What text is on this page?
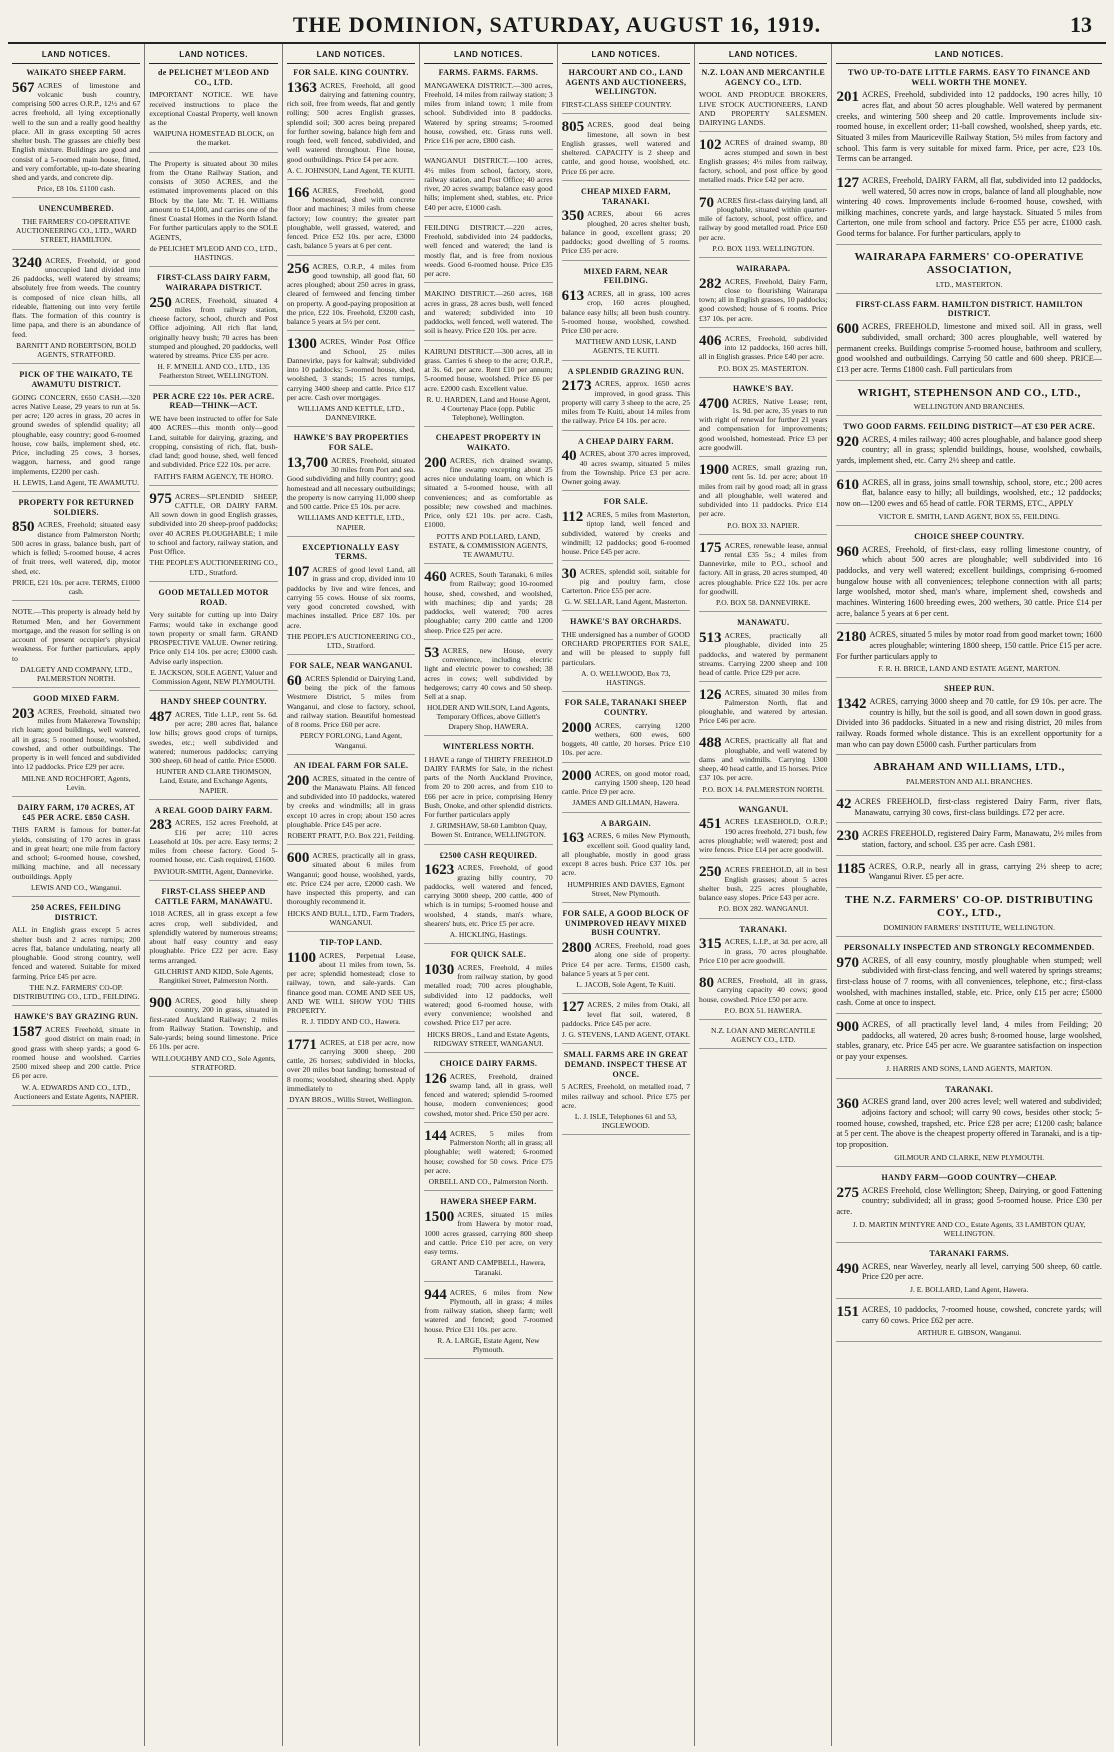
THE DOMINION, SATURDAY, AUGUST 16, 1919.	13
LAND NOTICES.
WAIKATO SHEEP FARM.

567 ACRES of limestone and volcanic bush country, comprising 500 acres O.R.P., 12½ and 67 acres freehold, all lying exceptionally well to the sun and a really good healthy place. All in grass excepting 50 acres shelter bush. The grasses are chiefly best English mixture. Buildings are good and consist of a 5-roomed main house, fitted, and very comfortable, up-to-date shearing shed and yards, and concrete dip.

Price, £8 10s. £1100 cash.
UNENCUMBERED.
THE FARMERS' CO-OPERATIVE AUCTIONEERING CO., LTD., WARD STREET, HAMILTON.

3240 ACRES, Freehold, or good unoccupied land divided into 26 paddocks, well watered by streams; absolutely free from weeds. The country is composed of nice clean hills, all rideable, flattening out into very fertile flats. The formation of this country is lime papa, and there is an abundance of feed.

BARNITT AND ROBERTSON, BOLD AGENTS, STRATFORD.
PICK OF THE WAIKATO, TE AWAMUTU DISTRICT.

GOING CONCERN, £650 CASH.—320 acres Native Lease, 29 years to run at 5s. per acre; 120 acres in grass, 20 acres in ground swedes of splendid quality; all ploughable, easy country; good 6-roomed house, cow bails, implement shed, etc. Price, including 25 cows, 3 horses, waggon, harness, and good range implements, £2200 per cash.

H. LEWIS, Land Agent, TE AWAMUTU.
PROPERTY FOR RETURNED SOLDIERS.

850 ACRES, Freehold; situated easy distance from Palmerston North; 500 acres in grass, balance bush, part of which is felled; 5-roomed house, 4 acres of fruit trees, well watered, dip, motor shed, etc.

PRICE, £21 10s. per acre. TERMS, £1000 cash.

NOTE.—This property is already held by Returned Men, and her Government mortgage, and the reason for selling is on account of present occupier's physical weakness. For further particulars, apply to

DALGETY AND COMPANY, LTD., PALMERSTON NORTH.
GOOD MIXED FARM.

203 ACRES, Freehold, situated two miles from Makerewa Township; rich loam; good buildings, well watered, all in grass; 5 roomed house, woolshed, cowshed, and other outbuildings. The property is in well fenced and subdivided into 12 paddocks. Price £29 per acre.

MILNE AND ROCHFORT, Agents, Levin.
DAIRY FARM, 170 ACRES, AT £45 PER ACRE. £850 CASH.

THIS FARM is famous for butter-fat yields, consisting of 170 acres in grass and in great heart; one mile from factory and school; 6-roomed house, cowshed, milking machine, and all necessary outbuildings. Apply

LEWIS AND CO., Wanganui.
250 ACRES, FEILDING DISTRICT.

ALL in English grass except 5 acres shelter bush and 2 acres turnips; 200 acres flat, balance undulating, nearly all ploughable. Good strong country, well fenced and watered. Suitable for mixed farming. Price £45 per acre.

THE N.Z. FARMERS' CO-OP. DISTRIBUTING CO., LTD., FEILDING.
HAWKE'S BAY GRAZING RUN.

1587 ACRES Freehold, situate in good district on main road; in good grass with sheep yards; a good 6-roomed house and woolshed. Carries 2500 mixed sheep and 200 cattle. Price £6 per acre.

W. A. EDWARDS AND CO., LTD., Auctioneers and Estate Agents, NAPIER.
LAND NOTICES.
de PELICHET M'LEOD AND CO., LTD.

IMPORTANT NOTICE. WE have received instructions to place the exceptional Coastal Property, well known as the

WAIPUNA HOMESTEAD BLOCK, on the market.

The Property is situated about 30 miles from the Otane Railway Station, and consists of 3050 ACRES, and the estimated improvements placed on this Block by the late Mr. T. H. Williams amount to £14,000, and carries one of the finest Coastal Homes in the North Island. For further particulars apply to the SOLE AGENTS,

de PELICHET M'LEOD AND CO., LTD., HASTINGS.
FIRST-CLASS DAIRY FARM, WAIRARAPA DISTRICT.

250 ACRES, Freehold, situated 4 miles from railway station, cheese factory, school, church and Post Office adjoining. All rich flat land, originally heavy bush; 70 acres has been stumped and ploughed, 20 paddocks, well watered by streams. Price £35 per acre.

H. F. M'NEILL AND CO., LTD., 135 Featherston Street, WELLINGTON.
PER ACRE £22 10s. PER ACRE. READ—THINK—ACT.

WE have been instructed to offer for Sale 400 ACRES—this month only—good Land, suitable for dairying, grazing, and cropping, consisting of rich, flat, bush-clad land; good house, shed, well fenced and subdivided. Price £22 10s. per acre.

FAITH'S FARM AGENCY, TE HORO.

975 ACRES—SPLENDID SHEEP, CATTLE, OR DAIRY FARM. All sown down in good English grasses, subdivided into 20 sheep-proof paddocks; over 40 ACRES PLOUGHABLE; 1 mile to school and factory, railway station, and Post Office.

THE PEOPLE'S AUCTIONEERING CO., LTD., Stratford.
GOOD METALLED MOTOR ROAD.

Very suitable for cutting up into Dairy Farms; would take in exchange good town property or small farm. GRAND PROSPECTIVE VALUE. Owner retiring. Price only £14 10s. per acre; £3000 cash. Advise early inspection.

E. JACKSON, SOLE AGENT, Valuer and Commission Agent, NEW PLYMOUTH.
HANDY SHEEP COUNTRY.

487 ACRES, Title L.I.P., rent 5s. 6d. per acre; 280 acres flat, balance low hills; grows good crops of turnips, swedes, etc.; well subdivided and watered; numerous paddocks; carrying 300 sheep, 60 head of cattle. Price £5000.

HUNTER AND CLARE THOMSON, Land, Estate, and Exchange Agents, NAPIER.
A REAL GOOD DAIRY FARM.

283 ACRES, 152 acres Freehold, at £16 per acre; 110 acres Leasehold at 10s. per acre. Easy terms; 2 miles from cheese factory. Good 5-roomed house, etc. Cash required, £1600.

PAVIOUR-SMITH, Agent, Dannevirke.
FIRST-CLASS SHEEP AND CATTLE FARM, MANAWATU.

1018 ACRES, all in grass except a few acres crop, well subdivided, and splendidly watered by numerous streams; about half easy country and easy ploughable. Price £22 per acre. Easy terms arranged.

GILCHRIST AND KIDD, Sole Agents, Rangitikei Street, Palmerston North.

900 ACRES, good hilly sheep country, 200 in grass, situated in first-rated Auckland Railway; 2 miles from Railway Station. Township, and Sale-yards; being sound limestone. Price £6 10s. per acre.

WILLOUGHBY AND CO., Sole Agents, STRATFORD.
LAND NOTICES.
FOR SALE. KING COUNTRY.

1363 ACRES, Freehold, all good dairying and fattening country, rich soil, free from weeds, flat and gently rolling; 500 acres English grasses, splendid soil; 300 acres being prepared for further sowing, balance high fern and rough feed, well fenced, subdivided, and well watered throughout. Fine house, good outbuildings. Price £4 per acre.

A. C. JOHNSON, Land Agent, TE KUITI.

166 ACRES, Freehold, good homestead, shed with concrete floor and machines; 3 miles from cheese factory; low country; the greater part ploughable, well grassed, watered, and fenced. Price £52 10s. per acre, £3000 cash, balance 5 years at 6 per cent.

256 ACRES, O.R.P., 4 miles from good township, all good flat, 60 acres ploughed; about 250 acres in grass, cleared of fernweed and fencing timber on property. A good-paying proposition at the price, £22 10s. Freehold, £3200 cash, balance 5 years at 5½ per cent.

1300 ACRES, Winder Post Office and School, 25 miles Dannevirke, pays for kaltwal; subdivided into 10 paddocks; 5-roomed house, shed, woolshed, 3 stands; 15 acres turnips, carrying 3400 sheep and cattle. Price £17 per acre. Cash over mortgages.

WILLIAMS AND KETTLE, LTD., DANNEVIRKE.
HAWKE'S BAY PROPERTIES FOR SALE.

13,700 ACRES, Freehold, situated 30 miles from Port and sea. Good subdividing and hilly country; good homestead and all necessary outbuildings; the property is now carrying 11,000 sheep and 500 cattle. Price £5 10s. per acre.

WILLIAMS AND KETTLE, LTD., NAPIER.
EXCEPTIONALLY EASY TERMS.

107 ACRES of good level Land, all in grass and crop, divided into 10 paddocks by live and wire fences, and carrying 55 cows. House of six rooms, very good concreted cowshed, with machines installed. Price £87 10s. per acre.

THE PEOPLE'S AUCTIONEERING CO., LTD., Stratford.
FOR SALE, NEAR WANGANUI.

60 ACRES Splendid or Dairying Land, being the pick of the famous Westmere District, 5 miles from Wanganui, and close to factory, school, and railway station. Beautiful homestead of 8 rooms. Price £60 per acre.

PERCY FORLONG, Land Agent, Wanganui.
AN IDEAL FARM FOR SALE.

200 ACRES, situated in the centre of the Manawatu Plains. All fenced and subdivided into 10 paddocks, watered by creeks and windmills; all in grass except 10 acres in crop; about 150 acres ploughable. Price £45 per acre.

ROBERT PRATT, P.O. Box 221, Feilding.

600 ACRES, practically all in grass, situated about 6 miles from Wanganui; good house, woolshed, yards, etc. Price £24 per acre, £2000 cash. We have inspected this property, and can thoroughly recommend it.

HICKS AND BULL, LTD., Farm Traders, WANGANUI.
TIP-TOP LAND.

1100 ACRES, Perpetual Lease, about 11 miles from town, 5s. per acre; splendid homestead; close to railway, town, and sale-yards. Can finance good man. COME AND SEE US, AND WE WILL SHOW YOU THIS PROPERTY.

R. J. TIDDY AND CO., Hawera.

1771 ACRES, at £18 per acre, now carrying 3000 sheep, 200 cattle, 26 horses; subdivided in blocks, over 20 miles boat landing; homestead of 8 rooms; woolshed, shearing shed. Apply immediately to

DYAN BROS., Willis Street, Wellington.
LAND NOTICES.
FARMS. FARMS. FARMS.

MANGAWEKA DISTRICT.—300 acres, Freehold, 14 miles from railway station; 3 miles from inland town; 1 mile from school. Subdivided into 8 paddocks. Watered by spring streams; 5-roomed house, cowshed, etc. Grass runs well. Price £16 per acre, £800 cash.

WANGANUI DISTRICT.—100 acres, 4½ miles from school, factory, store, railway station, and Post Office; 40 acres river, 20 acres swamp; balance easy good hills; implement shed, stables, etc. Price £40 per acre, £1000 cash.

FEILDING DISTRICT.—220 acres, Freehold, subdivided into 24 paddocks, well fenced and watered; the land is mostly flat, and is free from noxious weeds. Good 6-roomed house. Price £35 per acre.

MAKINO DISTRICT.—260 acres, 168 acres in grass, 28 acres bush, well fenced and watered; subdivided into 10 paddocks, well fenced, well watered. The soil is heavy. Price £20 10s. per acre.

KAIRUNI DISTRICT.—300 acres, all in grass. Carries 6 sheep to the acre; O.R.P., at 3s. 6d. per acre. Rent £10 per annum; 5-roomed house, woolshed. Price £6 per acre. £2000 cash. Excellent value.

R. U. HARDEN, Land and House Agent, 4 Courtenay Place (opp. Public Telephone), Wellington.
CHEAPEST PROPERTY IN WAIKATO.

200 ACRES, rich drained swamp, fine swamp excepting about 25 acres nice undulating loam, on which is situated a 5-roomed house, with all conveniences; and as comfortable as possible; new cowshed and machines. Price, only £21 10s. per acre. Cash, £1000.

POTTS AND POLLARD, LAND, ESTATE, & COMMISSION AGENTS, TE AWAMUTU.

460 ACRES, South Taranaki, 6 miles from Railway; good 10-roomed house, shed, cowshed, and woolshed, with machines; dip and yards; 28 paddocks, well watered; 700 acres ploughable; carry 200 cattle and 1200 sheep. Price £25 per acre.

53 ACRES, new House, every convenience, including electric light and electric power to cowshed; 38 acres in cows; well subdivided by hedgerows; carry 40 cows and 50 sheep. Sell at a snap.

HOLDER AND WILSON, Land Agents, Temporary Offices, above Gillett's Drapery Shop, HAWERA.
WINTERLESS NORTH.

I HAVE a range of THIRTY FREEHOLD DAIRY FARMS for Sale, in the richest parts of the North Auckland Province, from 20 to 200 acres, and from £10 to £66 per acre in price, comprising Henry Bush, Onoke, and other splendid districts. For further particulars apply

J. GRIMSHAW, 58-60 Lambton Quay, Bowen St. Entrance, WELLINGTON.
£2500 CASH REQUIRED.

1623 ACRES, Freehold, of good grazing hilly country, 70 paddocks, well watered and fenced, carrying 3000 sheep, 200 cattle, 400 of which is in turnips; 5-roomed house and woolshed, 4 stands, man's whare, shearers' huts, etc. Price £5 per acre.

A. HICKLING, Hastings.
FOR QUICK SALE.

1030 ACRES, Freehold, 4 miles from railway station, by good metalled road; 700 acres ploughable, subdivided into 12 paddocks, well watered; good 6-roomed house, with every convenience; woolshed and cowshed. Price £17 per acre.

HICKS BROS., Land and Estate Agents, RIDGWAY STREET, WANGANUI.
CHOICE DAIRY FARMS.

126 ACRES, Freehold, drained swamp land, all in grass, well fenced and watered; splendid 5-roomed house, modern conveniences; good cowshed, motor shed. Price £50 per acre.

144 ACRES, 5 miles from Palmerston North; all in grass; all ploughable; well watered; 6-roomed house; cowshed for 50 cows. Price £75 per acre.

ORBELL AND CO., Palmerston North.
HAWERA SHEEP FARM.

1500 ACRES, situated 15 miles from Hawera by motor road, 1000 acres grassed, carrying 800 sheep and cattle. Price £10 per acre, on very easy terms.

GRANT AND CAMPBELL, Hawera, Taranaki.

944 ACRES, 6 miles from New Plymouth, all in grass; 4 miles from railway station, sheep farm; well watered and fenced; good 7-roomed house. Price £31 10s. per acre.

R. A. LARGE, Estate Agent, New Plymouth.
LAND NOTICES.
HARCOURT AND CO., LAND AGENTS AND AUCTIONEERS, WELLINGTON.

FIRST-CLASS SHEEP COUNTRY.

805 ACRES, good deal being limestone, all sown in best English grasses, well watered and sheltered. CAPACITY is 2 sheep and cattle, and good house, woolshed, etc. Price £6 per acre.

CHEAP MIXED FARM, TARANAKI.

350 ACRES, about 66 acres ploughed, 20 acres shelter bush, balance in good, excellent grass; 20 paddocks; good dwelling of 5 rooms. Price £35 per acre.

MIXED FARM, NEAR FEILDING.

613 ACRES, all in grass, 100 acres crop, 160 acres ploughed, balance easy hills; all been bush country. 5-roomed house, woolshed, cowshed. Price £30 per acre.

MATTHEW AND LUSK, LAND AGENTS, TE KUITI.
A SPLENDID GRAZING RUN.

2173 ACRES, approx. 1650 acres improved, in good grass. This property will carry 3 sheep to the acre, 25 miles from Te Kuiti, about 14 miles from the railway. Price £4 10s. per acre.

A CHEAP DAIRY FARM.

40 ACRES, about 370 acres improved, 40 acres swamp, situated 5 miles from the Township. Price £3 per acre. Owner going away.

FOR SALE.

112 ACRES, 5 miles from Masterton, tiptop land, well fenced and subdivided, watered by creeks and windmill; 12 paddocks; good 6-roomed house. Price £45 per acre.

30 ACRES, splendid soil, suitable for pig and poultry farm, close Carterton. Price £55 per acre.

G. W. SELLAR, Land Agent, Masterton.
HAWKE'S BAY ORCHARDS.

THE undersigned has a number of GOOD ORCHARD PROPERTIES FOR SALE, and will be pleased to supply full particulars.

A. O. WELLWOOD, Box 73, HASTINGS.
FOR SALE, TARANAKI SHEEP COUNTRY.

2000 ACRES, carrying 1200 wethers, 600 ewes, 600 hoggets, 40 cattle, 20 horses. Price £10 10s. per acre.

2000 ACRES, on good motor road, carrying 1500 sheep, 120 head cattle. Price £9 per acre.

JAMES AND GILLMAN, Hawera.
A BARGAIN.

163 ACRES, 6 miles New Plymouth, excellent soil. Good quality land, all ploughable, mostly in good grass except 8 acres bush. Price £37 10s. per acre.

HUMPHRIES AND DAVIES, Egmont Street, New Plymouth.
FOR SALE, A GOOD BLOCK OF UNIMPROVED HEAVY MIXED BUSH COUNTRY.

2800 ACRES, Freehold, road goes along one side of property. Price £4 per acre. Terms, £1500 cash, balance 5 years at 5 per cent.

L. JACOB, Sole Agent, Te Kuiti.

127 ACRES, 2 miles from Otaki, all level flat soil, watered, 8 paddocks. Price £45 per acre.

J. G. STEVENS, LAND AGENT, OTAKI.
SMALL FARMS ARE IN GREAT DEMAND. INSPECT THESE AT ONCE.

5 ACRES, Freehold, on metalled road, 7 miles railway and school. Price £75 per acre.

L. J. ISLE, Telephones 61 and 53, INGLEWOOD.
LAND NOTICES.
N.Z. LOAN AND MERCANTILE AGENCY CO., LTD.

WOOL AND PRODUCE BROKERS, LIVE STOCK AUCTIONEERS, LAND AND PROPERTY SALESMEN. DAIRYING LANDS.

102 ACRES of drained swamp, 80 acres stumped and sown in best English grasses; 4½ miles from railway, factory, school, and post office by good metalled roads. Price £42 per acre.

70 ACRES first-class dairying land, all ploughable, situated within quarter-mile of factory, school, post office, and railway by good metalled road. Price £60 per acre.

P.O. BOX 1193. WELLINGTON.
WAIRARAPA.

282 ACRES, Freehold, Dairy Farm, close to flourishing Wairarapa town; all in English grasses, 10 paddocks; good cowshed; house of 6 rooms. Price £37 10s. per acre.

406 ACRES, Freehold, subdivided into 12 paddocks, 160 acres hill, all in English grasses. Price £40 per acre.

P.O. BOX 25. MASTERTON.
HAWKE'S BAY.

4700 ACRES, Native Lease; rent, 1s. 9d. per acre, 35 years to run with right of renewal for further 21 years and compensation for improvements; good woolshed, homestead. Price £3 per acre goodwill.

1900 ACRES, small grazing run, rent 5s. 1d. per acre; about 10 miles from rail by good road; all in grass and all ploughable, well watered and subdivided into 11 paddocks. Price £14 per acre.

P.O. BOX 33. NAPIER.

175 ACRES, renewable lease, annual rental £35 5s.; 4 miles from Dannevirke, mile to P.O., school and factory. All in grass, 20 acres stumped, 40 acres ploughable. Price £22 10s. per acre for goodwill.

P.O. BOX 58. DANNEVIRKE.
MANAWATU.

513 ACRES, practically all ploughable, divided into 25 paddocks, and watered by permanent streams. Carrying 2200 sheep and 100 head of cattle. Price £29 per acre.

126 ACRES, situated 30 miles from Palmerston North, flat and ploughable, and watered by artesian. Price £46 per acre.

488 ACRES, practically all flat and ploughable, and well watered by dams and windmills. Carrying 1300 sheep, 40 head cattle, and 15 horses. Price £37 10s. per acre.

P.O. BOX 14. PALMERSTON NORTH.
WANGANUI.

451 ACRES LEASEHOLD, O.R.P.; 190 acres freehold, 271 bush, few acres ploughable; well watered; post and wire fences. Price £14 per acre goodwill.

250 ACRES FREEHOLD, all in best English grasses; about 5 acres shelter bush, 225 acres ploughable, balance easy slopes. Price £43 per acre.

P.O. BOX 282. WANGANUI.
TARANAKI.

315 ACRES, L.I.P., at 3d. per acre, all in grass, 70 acres ploughable. Price £10 per acre goodwill.

80 ACRES, Freehold, all in grass, carrying capacity 40 cows; good house, cowshed. Price £50 per acre.

P.O. BOX 51. HAWERA.
N.Z. LOAN AND MERCANTILE AGENCY CO., LTD.
LAND NOTICES.
TWO UP-TO-DATE LITTLE FARMS. EASY TO FINANCE AND WELL WORTH THE MONEY.

201 ACRES, Freehold, subdivided into 12 paddocks, 190 acres hilly, 10 acres flat, and about 50 acres ploughable. Well watered by permanent creeks, and wintering 500 sheep and 20 cattle. Improvements include six-roomed house, in excellent order; 11-ball cowshed, woolshed, sheep yards, etc. Situated 3 miles from Mauriceville Railway Station, 5½ miles from factory and school. This farm is very suitable for mixed farm. Price, per acre, £23 10s. Terms can be arranged.

127 ACRES, Freehold, DAIRY FARM, all flat, subdivided into 12 paddocks, well watered, 50 acres now in crops, balance of land all ploughable, now wintering 40 cows. Improvements include 6-roomed house, cowshed, with milking machines, concrete yards, and large haystack. Situated 5 miles from Carterton, one mile from school and factory. Price £55 per acre, £1000 cash. Good terms for balance. For further particulars, apply to

WAIRARAPA FARMERS' CO-OPERATIVE ASSOCIATION,
LTD., MASTERTON.
FIRST-CLASS FARM. HAMILTON DISTRICT. HAMILTON DISTRICT.

600 ACRES, FREEHOLD, limestone and mixed soil. All in grass, well subdivided, small orchard; 300 acres ploughable, well watered by permanent creeks. Buildings comprise 5-roomed house, bathroom and scullery, good woolshed and outbuildings. Carrying 50 cattle and 600 sheep. PRICE—£13 per acre. Terms £1800 cash. Full particulars from

WRIGHT, STEPHENSON AND CO., LTD.,
WELLINGTON AND BRANCHES.
TWO GOOD FARMS. FEILDING DISTRICT—AT £30 PER ACRE.

920 ACRES, 4 miles railway; 400 acres ploughable, and balance good sheep country; all in grass; splendid buildings, house, woolshed, cowbails, yards, implement shed, etc. Carry 2½ sheep and cattle.

610 ACRES, all in grass, joins small township, school, store, etc.; 200 acres flat, balance easy to hilly; all buildings, woolshed, etc.; 12 paddocks; now on—1200 ewes and 65 head of cattle. FOR TERMS, ETC., APPLY

VICTOR E. SMITH, LAND AGENT, BOX 55, FEILDING.
CHOICE SHEEP COUNTRY.

960 ACRES, Freehold, of first-class, easy rolling limestone country, of which about 500 acres are ploughable; well subdivided into 16 paddocks, and very well watered; excellent buildings, comprising 6-roomed bungalow house with all conveniences; telephone connection with all parts; large woolshed, motor shed, man's whare, implement shed, cowsheds and machines. Wintering 1600 breeding ewes, 200 wethers, 30 cattle. Price £14 per acre, balance 5 years at 6 per cent.

2180 ACRES, situated 5 miles by motor road from good market town; 1600 acres ploughable; wintering 1800 sheep, 150 cattle. Price £15 per acre. For further particulars apply to

F. R. H. BRICE, LAND AND ESTATE AGENT, MARTON.
SHEEP RUN.

1342 ACRES, carrying 3000 sheep and 70 cattle, for £9 10s. per acre. The country is hilly, but the soil is good, and all sown down in good grass. Divided into 36 paddocks. Situated in a new and rising district, 20 miles from railway. Roads formed whole distance. This is an excellent opportunity for a man who can pay down £5000 cash. Further particulars from

ABRAHAM AND WILLIAMS, LTD.,
PALMERSTON AND ALL BRANCHES.

42 ACRES FREEHOLD, first-class registered Dairy Farm, river flats, Manawatu, carrying 30 cows, first-class buildings. £72 per acre.

230 ACRES FREEHOLD, registered Dairy Farm, Manawatu, 2½ miles from station, factory, and school. £35 per acre. Cash £981.

1185 ACRES, O.R.P., nearly all in grass, carrying 2½ sheep to acre; Wanganui River. £5 per acre.

THE N.Z. FARMERS' CO-OP. DISTRIBUTING COY., LTD.,
DOMINION FARMERS' INSTITUTE, WELLINGTON.
PERSONALLY INSPECTED AND STRONGLY RECOMMENDED.

970 ACRES, of all easy country, mostly ploughable when stumped; well subdivided with first-class fencing, and well watered by springs streams; first-class house of 7 rooms, with all conveniences, telephone, etc.; first-class woolshed, with machines installed, stable, etc. Price, only £15 per acre; £5000 cash. Come at once to inspect.

900 ACRES, of all practically level land, 4 miles from Feilding; 20 paddocks, all watered, 20 acres bush; 8-roomed house, large woolshed, stables, granary, etc. Price £45 per acre. We guarantee satisfaction on inspection or pay your expenses.

J. HARRIS AND SONS, LAND AGENTS, MARTON.
TARANAKI.

360 ACRES grand land, over 200 acres level; well watered and subdivided; adjoins factory and school; will carry 90 cows, besides other stock; 5-roomed house, cowshed, trapshed, etc. Price £28 per acre; £1200 cash; balance at 5 per cent. The above is the cheapest property offered in Taranaki, and is a tip-top proposition.

GILMOUR AND CLARKE, NEW PLYMOUTH.
HANDY FARM—GOOD COUNTRY—CHEAP.

275 ACRES Freehold, close Wellington; Sheep, Dairying, or good Fattening country; subdivided; all in grass; good 5-roomed house. Price £30 per acre.

J. D. MARTIN M'INTYRE AND CO., Estate Agents, 33 LAMBTON QUAY, WELLINGTON.
TARANAKI FARMS.

490 ACRES, near Waverley, nearly all level, carrying 500 sheep, 60 cattle. Price £20 per acre.

J. E. BOLLARD, Land Agent, Hawera.

151 ACRES, 10 paddocks, 7-roomed house, cowshed, concrete yards; will carry 60 cows. Price £62 per acre.

ARTHUR E. GIBSON, Wanganui.
